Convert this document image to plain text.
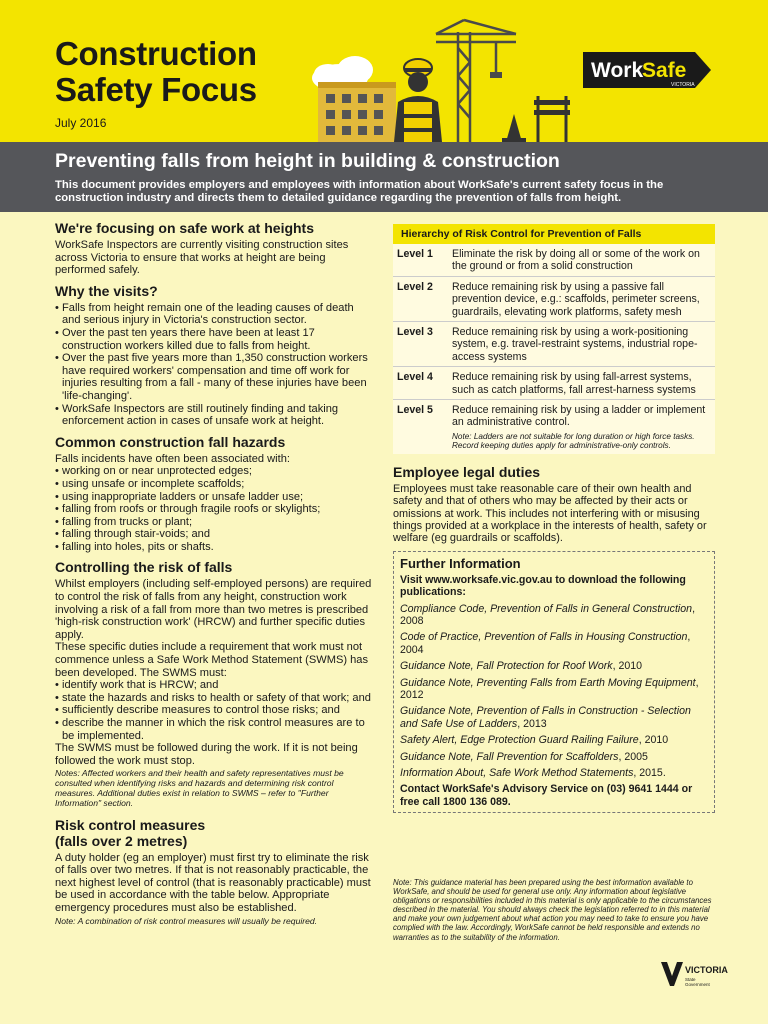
Construction
Safety Focus
July 2016
Work
Safe
VICTORIA
Preventing falls from height in building & construction
This document provides employers and employees with information about WorkSafe's current safety focus in the construction industry and directs them to detailed guidance regarding the prevention of falls from height.
We're focusing on safe work at heights

WorkSafe Inspectors are currently visiting construction sites across Victoria to ensure that works at height are being performed safely.

Why the visits?
• Falls from height remain one of the leading causes of death and serious injury in Victoria's construction sector.
• Over the past ten years there have been at least 17 construction workers killed due to falls from height.
• Over the past five years more than 1,350 construction workers have required workers' compensation and time off work for injuries resulting from a fall - many of these injuries have been 'life-changing'.
• WorkSafe Inspectors are still routinely finding and taking enforcement action in cases of unsafe work at height.
Common construction fall hazards

Falls incidents have often been associated with:

• working on or near unprotected edges;
• using unsafe or incomplete scaffolds;
• using inappropriate ladders or unsafe ladder use;
• falling from roofs or through fragile roofs or skylights;
• falling from trucks or plant;
• falling through stair-voids; and
• falling into holes, pits or shafts.
Controlling the risk of falls

Whilst employers (including self-employed persons) are required to control the risk of falls from any height, construction work involving a risk of a fall from more than two metres is prescribed 'high-risk construction work' (HRCW) and further specific duties apply.

These specific duties include a requirement that work must not commence unless a Safe Work Method Statement (SWMS) has been developed. The SWMS must:

• identify work that is HRCW; and
• state the hazards and risks to health or safety of that work; and
• sufficiently describe measures to control those risks; and
• describe the manner in which the risk control measures are to be implemented.

The SWMS must be followed during the work. If it is not being followed the work must stop.

Notes: Affected workers and their health and safety representatives must be consulted when identifying risks and hazards and determining risk control measures. Additional duties exist in relation to SWMS – refer to "Further Information" section.
Risk control measures
(falls over 2 metres)

A duty holder (eg an employer) must first try to eliminate the risk of falls over two metres. If that is not reasonably practicable, the next highest level of control (that is reasonably practicable) must be used in accordance with the table below. Appropriate emergency procedures must also be established.

Note: A combination of risk control measures will usually be required.
Hierarchy of Risk Control for Prevention of Falls
Level 1	Eliminate the risk by doing all or some of the work on the ground or from a solid construction
Level 2	Reduce remaining risk by using a passive fall prevention device, e.g.: scaffolds, perimeter screens, guardrails, elevating work platforms, safety mesh
Level 3	Reduce remaining risk by using a work-positioning system, e.g. travel-restraint systems, industrial rope-access systems
Level 4	Reduce remaining risk by using fall-arrest systems, such as catch platforms, fall arrest-harness systems
Level 5	Reduce remaining risk by using a ladder or implement an administrative control.
Note: Ladders are not suitable for long duration or high force tasks. Record keeping duties apply for administrative-only controls.
Employee legal duties

Employees must take reasonable care of their own health and safety and that of others who may be affected by their acts or omissions at work. This includes not interfering with or misusing things provided at a workplace in the interests of health, safety or welfare (eg guardrails or scaffolds).

Further Information
Visit www.worksafe.vic.gov.au to download the following publications:
Compliance Code, Prevention of Falls in General Construction, 2008
Code of Practice, Prevention of Falls in Housing Construction, 2004
Guidance Note, Fall Protection for Roof Work, 2010
Guidance Note, Preventing Falls from Earth Moving Equipment, 2012
Guidance Note, Prevention of Falls in Construction - Selection and Safe Use of Ladders, 2013
Safety Alert, Edge Protection Guard Railing Failure, 2010
Guidance Note, Fall Prevention for Scaffolders, 2005
Information About, Safe Work Method Statements, 2015.
Contact WorkSafe's Advisory Service on (03) 9641 1444 or free call 1800 136 089.
Note: This guidance material has been prepared using the best information available to WorkSafe, and should be used for general use only. Any information about legislative obligations or responsibilities included in this material is only applicable to the circumstances described in the material. You should always check the legislation referred to in this material and make your own judgement about what action you may need to take to ensure you have complied with the law. Accordingly, WorkSafe cannot be held responsible and extends no warranties as to the suitability of the information.
VICTORIA
State
Government
